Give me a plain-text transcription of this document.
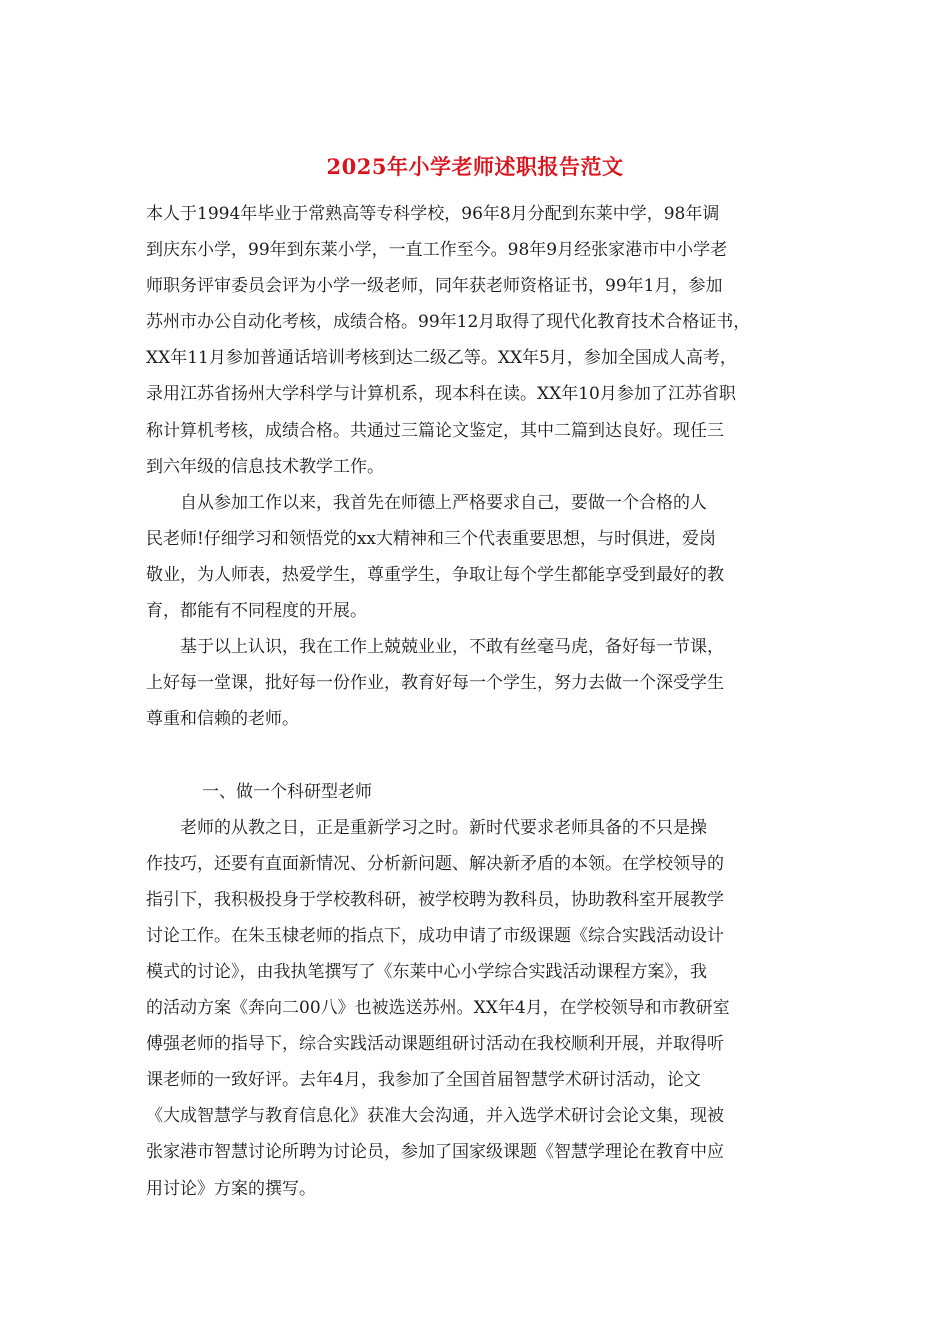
2025年小学老师述职报告范文
本人于1994年毕业于常熟高等专科学校，96年8月分配到东莱中学，98年调
到庆东小学，99年到东莱小学，一直工作至今。98年9月经张家港市中小学老
师职务评审委员会评为小学一级老师，同年获老师资格证书，99年1月，参加
苏州市办公自动化考核，成绩合格。99年12月取得了现代化教育技术合格证书，
XX年11月参加普通话培训考核到达二级乙等。XX年5月，参加全国成人高考，
录用江苏省扬州大学科学与计算机系，现本科在读。XX年10月参加了江苏省职
称计算机考核，成绩合格。共通过三篇论文鉴定，其中二篇到达良好。现任三
到六年级的信息技术教学工作。
自从参加工作以来，我首先在师德上严格要求自己，要做一个合格的人
民老师!仔细学习和领悟党的xx大精神和三个代表重要思想，与时俱进，爱岗
敬业，为人师表，热爱学生，尊重学生，争取让每个学生都能享受到最好的教
育，都能有不同程度的开展。
基于以上认识，我在工作上兢兢业业，不敢有丝毫马虎，备好每一节课，
上好每一堂课，批好每一份作业，教育好每一个学生，努力去做一个深受学生
尊重和信赖的老师。
一、做一个科研型老师
老师的从教之日，正是重新学习之时。新时代要求老师具备的不只是操
作技巧，还要有直面新情况、分析新问题、解决新矛盾的本领。在学校领导的
指引下，我积极投身于学校教科研，被学校聘为教科员，协助教科室开展教学
讨论工作。在朱玉棣老师的指点下，成功申请了市级课题《综合实践活动设计
模式的讨论》，由我执笔撰写了《东莱中心小学综合实践活动课程方案》，我
的活动方案《奔向二00八》也被选送苏州。XX年4月，在学校领导和市教研室
傅强老师的指导下，综合实践活动课题组研讨活动在我校顺利开展，并取得听
课老师的一致好评。去年4月，我参加了全国首届智慧学术研讨活动，论文
《大成智慧学与教育信息化》获准大会沟通，并入选学术研讨会论文集，现被
张家港市智慧讨论所聘为讨论员，参加了国家级课题《智慧学理论在教育中应
用讨论》方案的撰写。
